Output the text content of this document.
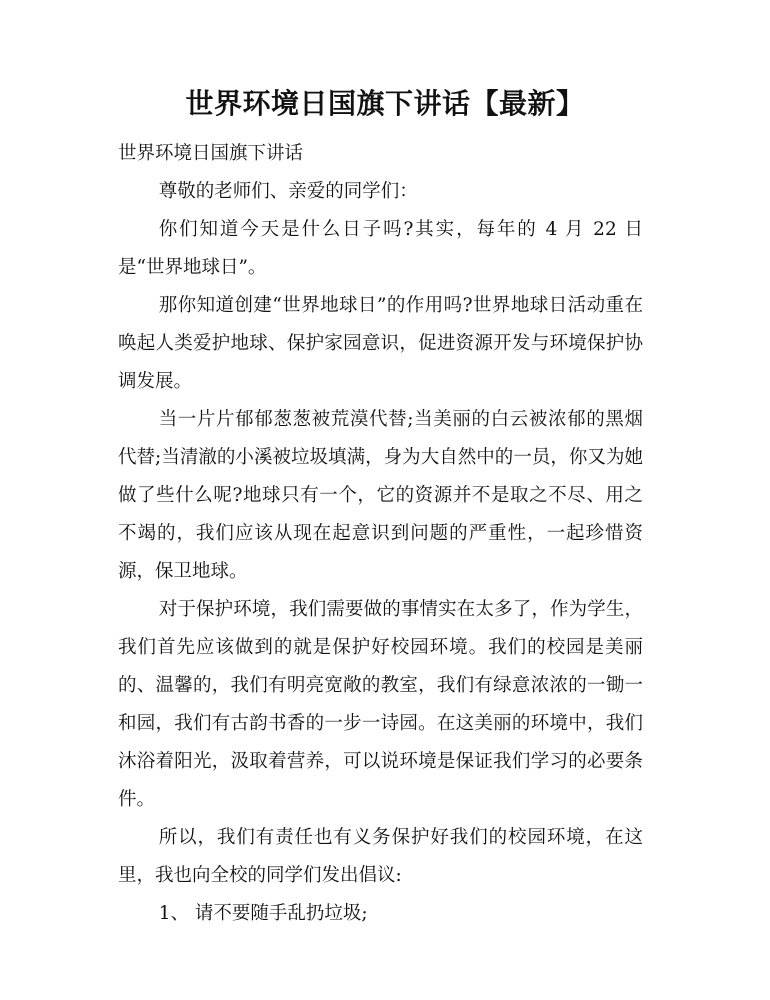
世界环境日国旗下讲话【最新】

世界环境日国旗下讲话

尊敬的老师们、亲爱的同学们：

你们知道今天是什么日子吗?其实，每年的 4 月 22 日是“世界地球日”。

那你知道创建“世界地球日”的作用吗?世界地球日活动重在唤起人类爱护地球、保护家园意识，促进资源开发与环境保护协调发展。

当一片片郁郁葱葱被荒漠代替;当美丽的白云被浓郁的黑烟代替;当清澈的小溪被垃圾填满，身为大自然中的一员，你又为她做了些什么呢?地球只有一个，它的资源并不是取之不尽、用之不竭的，我们应该从现在起意识到问题的严重性，一起珍惜资源，保卫地球。

对于保护环境，我们需要做的事情实在太多了，作为学生，我们首先应该做到的就是保护好校园环境。我们的校园是美丽的、温馨的，我们有明亮宽敞的教室，我们有绿意浓浓的一锄一和园，我们有古韵书香的一步一诗园。在这美丽的环境中，我们沐浴着阳光，汲取着营养，可以说环境是保证我们学习的必要条件。

所以，我们有责任也有义务保护好我们的校园环境，在这里，我也向全校的同学们发出倡议:

1、 请不要随手乱扔垃圾;
